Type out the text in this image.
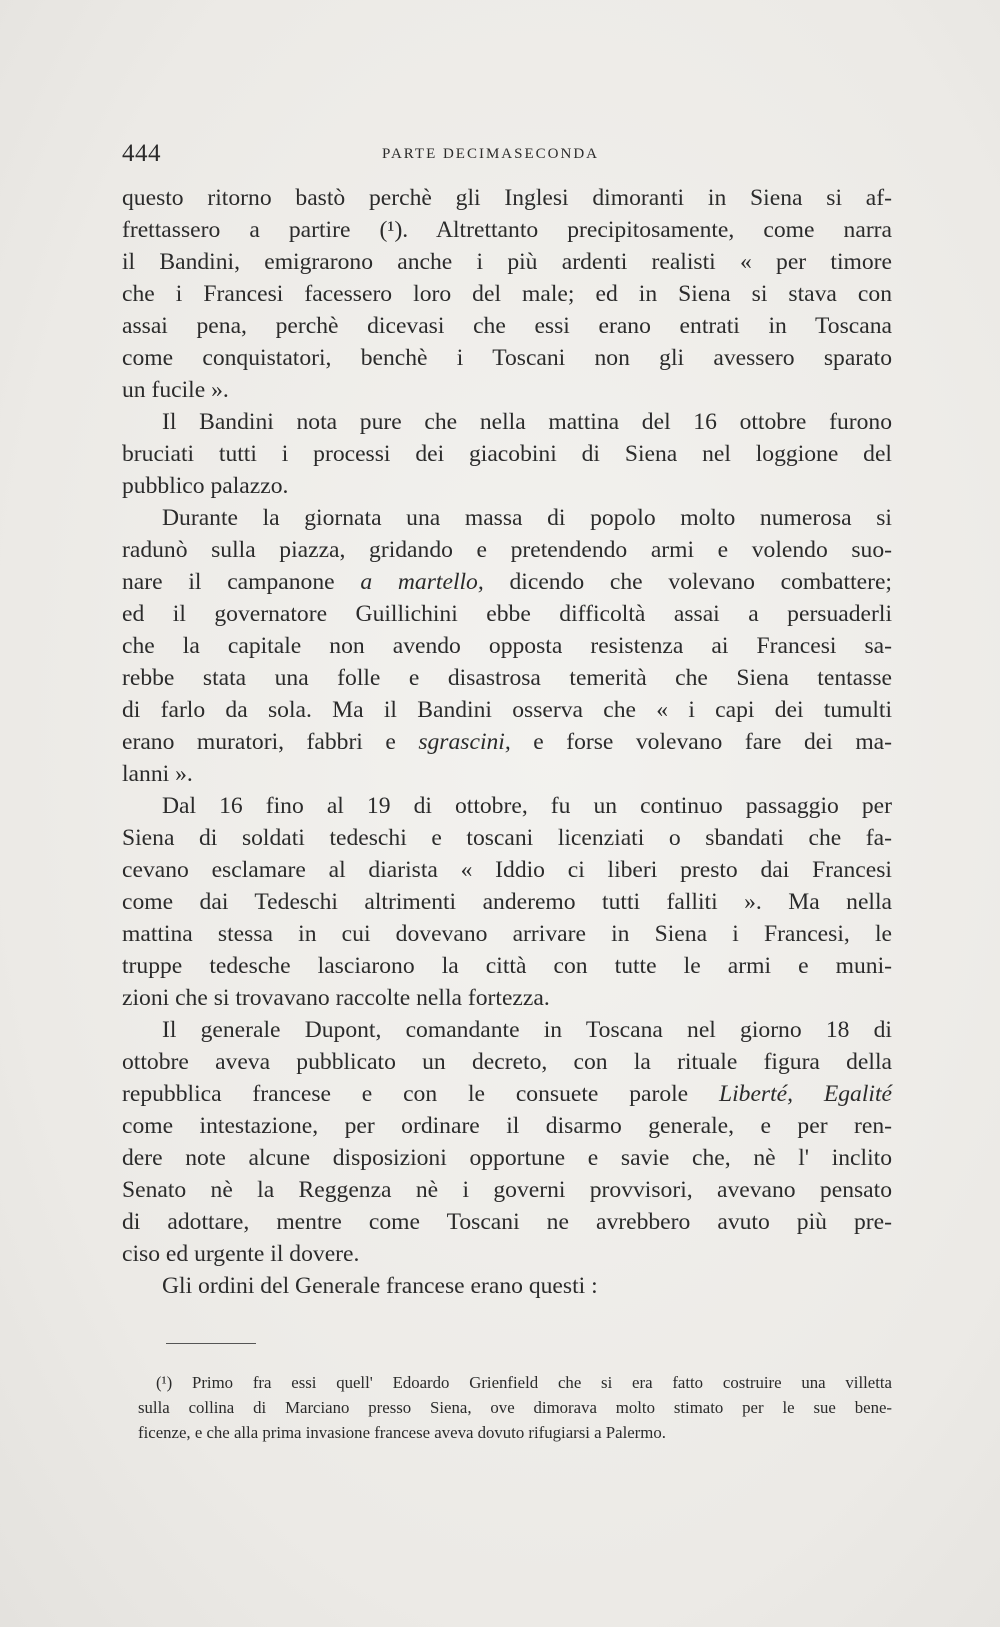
444	PARTE DECIMASECONDA
questo ritorno bastò perchè gli Inglesi dimoranti in Siena si af-
frettassero a partire (¹). Altrettanto precipitosamente, come narra
il Bandini, emigrarono anche i più ardenti realisti « per timore
che i Francesi facessero loro del male; ed in Siena si stava con
assai pena, perchè dicevasi che essi erano entrati in Toscana
come conquistatori, benchè i Toscani non gli avessero sparato
un fucile ».
Il Bandini nota pure che nella mattina del 16 ottobre furono
bruciati tutti i processi dei giacobini di Siena nel loggione del
pubblico palazzo.
Durante la giornata una massa di popolo molto numerosa si
radunò sulla piazza, gridando e pretendendo armi e volendo suo-
nare il campanone a martello, dicendo che volevano combattere;
ed il governatore Guillichini ebbe difficoltà assai a persuaderli
che la capitale non avendo opposta resistenza ai Francesi sa-
rebbe stata una folle e disastrosa temerità che Siena tentasse
di farlo da sola. Ma il Bandini osserva che « i capi dei tumulti
erano muratori, fabbri e sgrascini, e forse volevano fare dei ma-
lanni ».
Dal 16 fino al 19 di ottobre, fu un continuo passaggio per
Siena di soldati tedeschi e toscani licenziati o sbandati che fa-
cevano esclamare al diarista « Iddio ci liberi presto dai Francesi
come dai Tedeschi altrimenti anderemo tutti falliti ». Ma nella
mattina stessa in cui dovevano arrivare in Siena i Francesi, le
truppe tedesche lasciarono la città con tutte le armi e muni-
zioni che si trovavano raccolte nella fortezza.
Il generale Dupont, comandante in Toscana nel giorno 18 di
ottobre aveva pubblicato un decreto, con la rituale figura della
repubblica francese e con le consuete parole Liberté, Egalité
come intestazione, per ordinare il disarmo generale, e per ren-
dere note alcune disposizioni opportune e savie che, nè l' inclito
Senato nè la Reggenza nè i governi provvisori, avevano pensato
di adottare, mentre come Toscani ne avrebbero avuto più pre-
ciso ed urgente il dovere.
Gli ordini del Generale francese erano questi :
(¹) Primo fra essi quell' Edoardo Grienfield che si era fatto costruire una villetta
sulla collina di Marciano presso Siena, ove dimorava molto stimato per le sue bene-
ficenze, e che alla prima invasione francese aveva dovuto rifugiarsi a Palermo.
